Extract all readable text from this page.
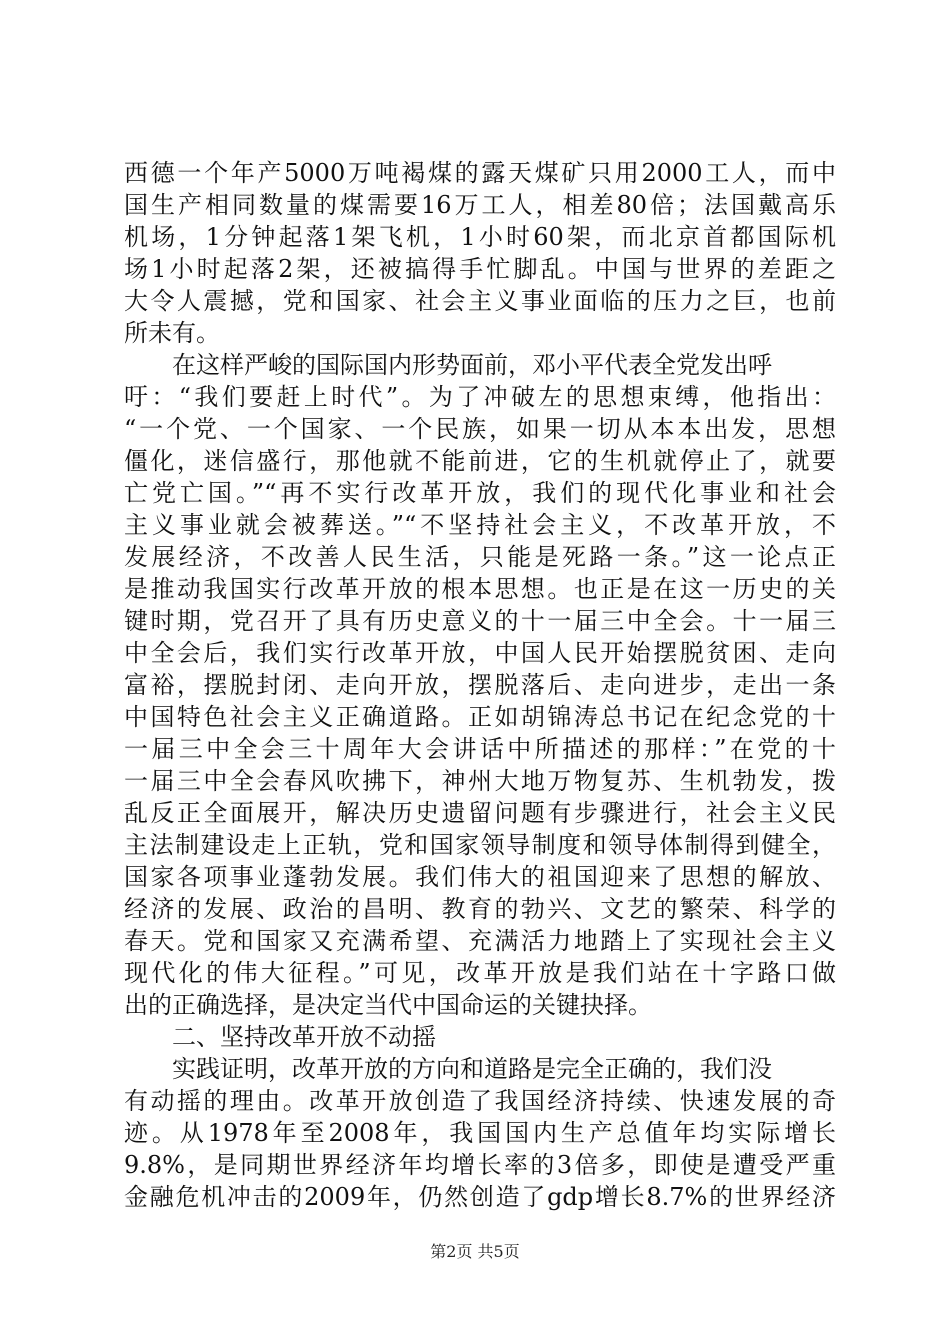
西德一个年产5000万吨褐煤的露天煤矿只用2000工人，而中
国生产相同数量的煤需要16万工人，相差80倍；法国戴高乐
机场，1分钟起落1架飞机，1小时60架，而北京首都国际机
场1小时起落2架，还被搞得手忙脚乱。中国与世界的差距之
大令人震撼，党和国家、社会主义事业面临的压力之巨，也前
所未有。
在这样严峻的国际国内形势面前，邓小平代表全党发出呼
吁：“我们要赶上时代”。为了冲破左的思想束缚，他指出：
“一个党、一个国家、一个民族，如果一切从本本出发，思想
僵化，迷信盛行，那他就不能前进，它的生机就停止了，就要
亡党亡国。”“再不实行改革开放，我们的现代化事业和社会
主义事业就会被葬送。”“不坚持社会主义，不改革开放，不
发展经济，不改善人民生活，只能是死路一条。”这一论点正
是推动我国实行改革开放的根本思想。也正是在这一历史的关
键时期，党召开了具有历史意义的十一届三中全会。十一届三
中全会后，我们实行改革开放，中国人民开始摆脱贫困、走向
富裕，摆脱封闭、走向开放，摆脱落后、走向进步，走出一条
中国特色社会主义正确道路。正如胡锦涛总书记在纪念党的十
一届三中全会三十周年大会讲话中所描述的那样：”在党的十
一届三中全会春风吹拂下，神州大地万物复苏、生机勃发，拨
乱反正全面展开，解决历史遗留问题有步骤进行，社会主义民
主法制建设走上正轨，党和国家领导制度和领导体制得到健全，
国家各项事业蓬勃发展。我们伟大的祖国迎来了思想的解放、
经济的发展、政治的昌明、教育的勃兴、文艺的繁荣、科学的
春天。党和国家又充满希望、充满活力地踏上了实现社会主义
现代化的伟大征程。”可见，改革开放是我们站在十字路口做
出的正确选择，是决定当代中国命运的关键抉择。
二、坚持改革开放不动摇
实践证明，改革开放的方向和道路是完全正确的，我们没
有动摇的理由。改革开放创造了我国经济持续、快速发展的奇
迹。从1978年至2008年，我国国内生产总值年均实际增长
9.8%，是同期世界经济年均增长率的3倍多，即使是遭受严重
金融危机冲击的2009年，仍然创造了gdp增长8.7%的世界经济
第2页 共5页
